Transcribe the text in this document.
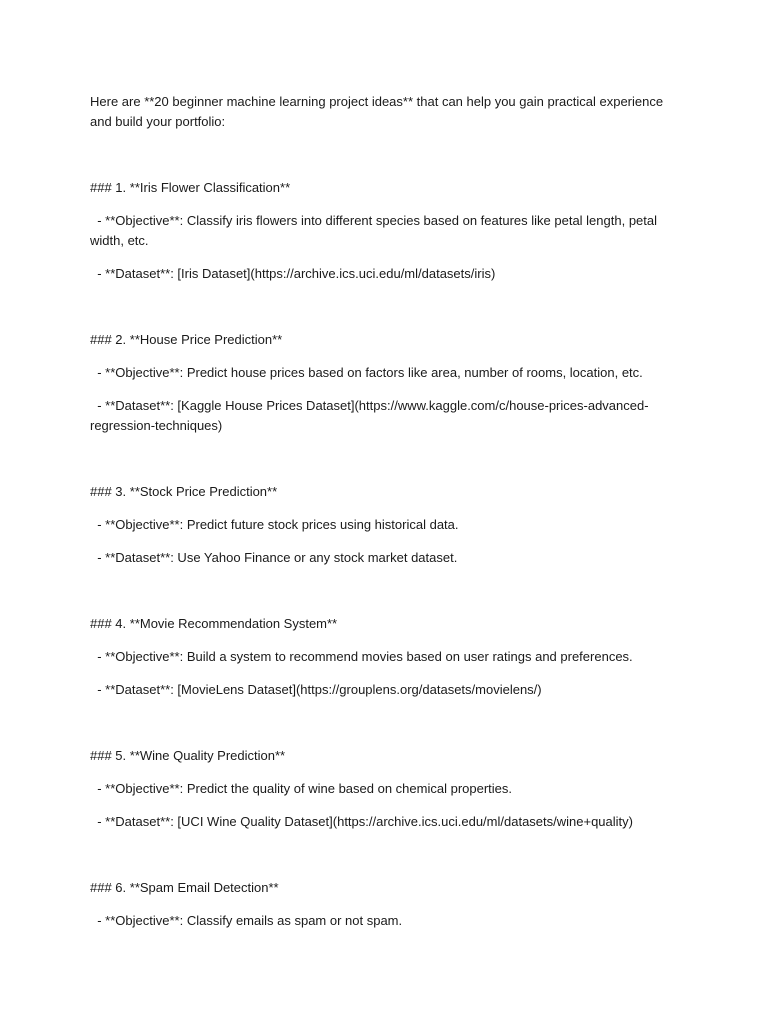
Here are **20 beginner machine learning project ideas** that can help you gain practical experience and build your portfolio:

### 1. **Iris Flower Classification**

- **Objective**: Classify iris flowers into different species based on features like petal length, petal width, etc.

- **Dataset**: [Iris Dataset](https://archive.ics.uci.edu/ml/datasets/iris)

### 2. **House Price Prediction**

- **Objective**: Predict house prices based on factors like area, number of rooms, location, etc.

- **Dataset**: [Kaggle House Prices Dataset](https://www.kaggle.com/c/house-prices-advanced-regression-techniques)

### 3. **Stock Price Prediction**

- **Objective**: Predict future stock prices using historical data.

- **Dataset**: Use Yahoo Finance or any stock market dataset.

### 4. **Movie Recommendation System**

- **Objective**: Build a system to recommend movies based on user ratings and preferences.

- **Dataset**: [MovieLens Dataset](https://grouplens.org/datasets/movielens/)

### 5. **Wine Quality Prediction**

- **Objective**: Predict the quality of wine based on chemical properties.

- **Dataset**: [UCI Wine Quality Dataset](https://archive.ics.uci.edu/ml/datasets/wine+quality)

### 6. **Spam Email Detection**

- **Objective**: Classify emails as spam or not spam.
